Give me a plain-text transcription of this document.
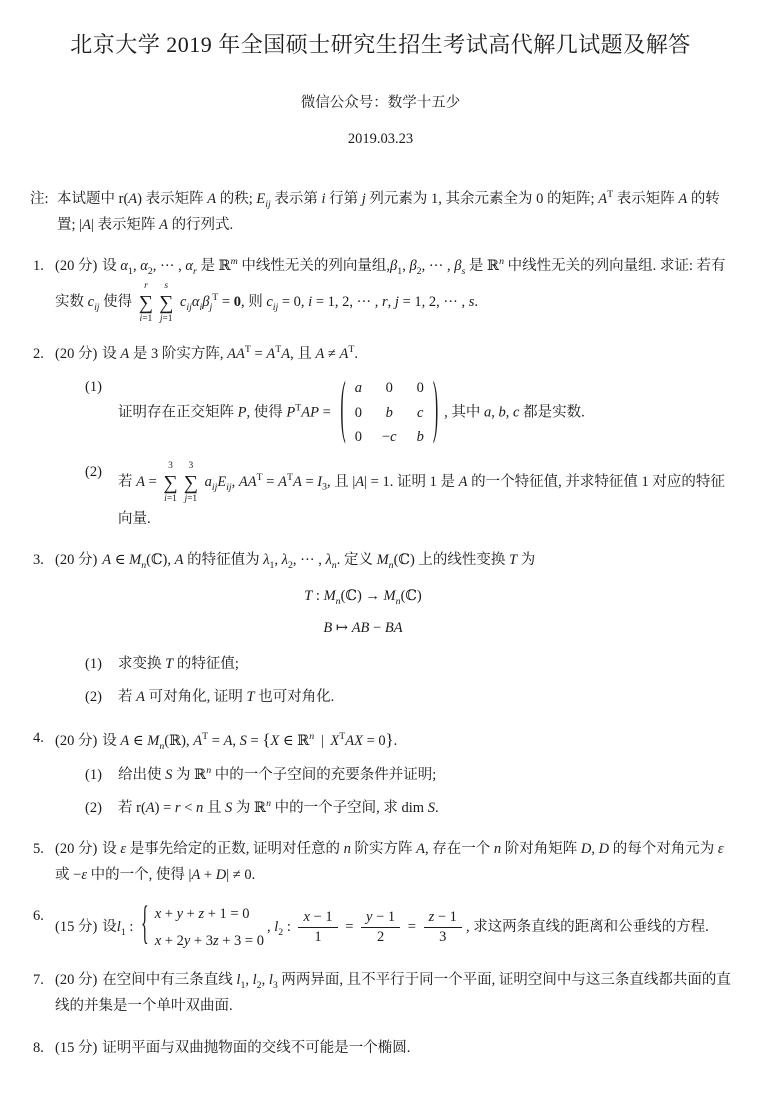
北京大学 2019 年全国硕士研究生招生考试高代解几试题及解答
微信公众号：数学十五少
2019.03.23
注: 本试题中 r(A) 表示矩阵 A 的秩; $E_{ij}$ 表示第 i 行第 j 列元素为 1, 其余元素全为 0 的矩阵; $A^T$ 表示矩阵 A 的转置; |A| 表示矩阵 A 的行列式.
1. (20 分) 设 $\alpha_1$, $\alpha_2$, ··· , $\alpha_r$ 是 ℝ$^m$ 中线性无关的列向量组$,\beta_1$, $\beta_2$, ··· , $\beta_s$ 是 ℝ$^n$ 中线性无关的列向量组. 求证: 若有实数 $c_{ij}$ 使得
r
∑
i=1
s
∑
j=1
$c_{ij}\alpha_i\beta_j^T = 0$, 则 $c_{ij} = 0$, i = 1, 2, ··· , r, j = 1, 2, ··· , s.
2. (20 分) 设 A 是 3 阶实方阵, $AA^T = A^TA$, 且 $A \ne A^T$.
(1)
证明存在正交矩阵 P, 使得 $P^TAP$ = ( a 0 0
0 b c
0 −c b ) , 其中 a, b, c 都是实数.
(2)
若 A =
3
∑
i=1
3
∑
j=1
$a_{ij}E_{ij}$, $AA^T = A^TA = I_3$, 且 |A| = 1. 证明 1 是 A 的一个特征值, 并求特征值 1 对应的特征向量.
3. (20 分) A ∈ $M_n(ℂ)$, A 的特征值为 $\lambda_1$, $\lambda_2$, ··· , $\lambda_n$. 定义 $M_n(ℂ)$ 上的线性变换 T 为
T : $M_n(ℂ)$ → $M_n(ℂ)$
B ↦ AB − BA
(1)	求变换 T 的特征值;
(2)	若 A 可对角化, 证明 T 也可对角化.
4. (20 分) 设 A ∈ $M_n(ℝ)$, $A^T = A$, S = {X ∈ ℝ$^n$ | $X^TAX = 0$}.
(1)	给出使 S 为 ℝ$^n$ 中的一个子空间的充要条件并证明;
(2)	若 r(A) = r < n 且 S 为 ℝ$^n$ 中的一个子空间, 求 dim S.
5. (20 分) 设 ε 是事先给定的正数, 证明对任意的 n 阶实方阵 A, 存在一个 n 阶对角矩阵 D, D 的每个对角元为 ε 或 −ε 中的一个, 使得 |A + D| ≠ 0.
6.
(15 分) 设$l_1$ : { x + y + z + 1 = 0
x + 2y + 3z + 3 = 0
, $l_2$ : $\frac{x - 1}{1} = \frac{y - 1}{2} = \frac{z - 1}{3}$ , 求这两条直线的距离和公垂线的方程.
7. (20 分) 在空间中有三条直线 $l_1$, $l_2$, $l_3$ 两两异面, 且不平行于同一个平面, 证明空间中与这三条直线都共面的直线的并集是一个单叶双曲面.
8. (15 分) 证明平面与双曲抛物面的交线不可能是一个椭圆.
